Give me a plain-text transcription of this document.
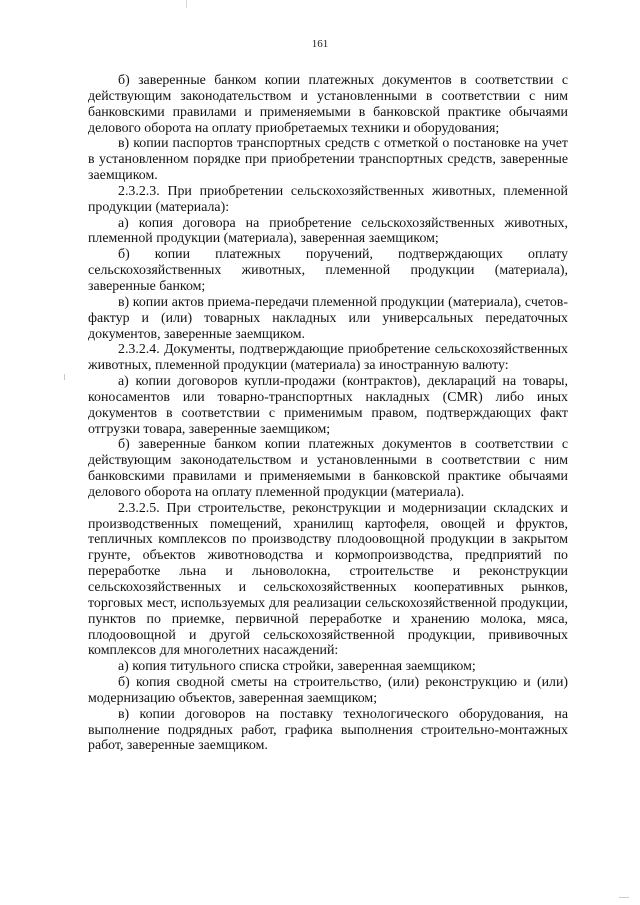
161

б) заверенные банком копии платежных документов в соответствии с действующим законодательством и установленными в соответствии с ним банковскими правилами и применяемыми в банковской практике обычаями делового оборота на оплату приобретаемых техники и оборудования;

в) копии паспортов транспортных средств с отметкой о постановке на учет в установленном порядке при приобретении транспортных средств, заверенные заемщиком.

2.3.2.3. При приобретении сельскохозяйственных животных, племенной продукции (материала):

а) копия договора на приобретение сельскохозяйственных животных, племенной продукции (материала), заверенная заемщиком;

б) копии платежных поручений, подтверждающих оплату сельскохозяйственных животных, племенной продукции (материала), заверенные банком;

в) копии актов приема-передачи племенной продукции (материала), счетов-фактур и (или) товарных накладных или универсальных передаточных документов, заверенные заемщиком.

2.3.2.4. Документы, подтверждающие приобретение сельскохозяйственных животных, племенной продукции (материала) за иностранную валюту:

а) копии договоров купли-продажи (контрактов), деклараций на товары, коносаментов или товарно-транспортных накладных (CMR) либо иных документов в соответствии с применимым правом, подтверждающих факт отгрузки товара, заверенные заемщиком;

б) заверенные банком копии платежных документов в соответствии с действующим законодательством и установленными в соответствии с ним банковскими правилами и применяемыми в банковской практике обычаями делового оборота на оплату племенной продукции (материала).

2.3.2.5. При строительстве, реконструкции и модернизации складских и производственных помещений, хранилищ картофеля, овощей и фруктов, тепличных комплексов по производству плодоовощной продукции в закрытом грунте, объектов животноводства и кормопроизводства, предприятий по переработке льна и льноволокна, строительстве и реконструкции сельскохозяйственных и сельскохозяйственных кооперативных рынков, торговых мест, используемых для реализации сельскохозяйственной продукции, пунктов по приемке, первичной переработке и хранению молока, мяса, плодоовощной и другой сельскохозяйственной продукции, прививочных комплексов для многолетних насаждений:

а) копия титульного списка стройки, заверенная заемщиком;

б) копия сводной сметы на строительство, (или) реконструкцию и (или) модернизацию объектов, заверенная заемщиком;

в) копии договоров на поставку технологического оборудования, на выполнение подрядных работ, графика выполнения строительно-монтажных работ, заверенные заемщиком.
